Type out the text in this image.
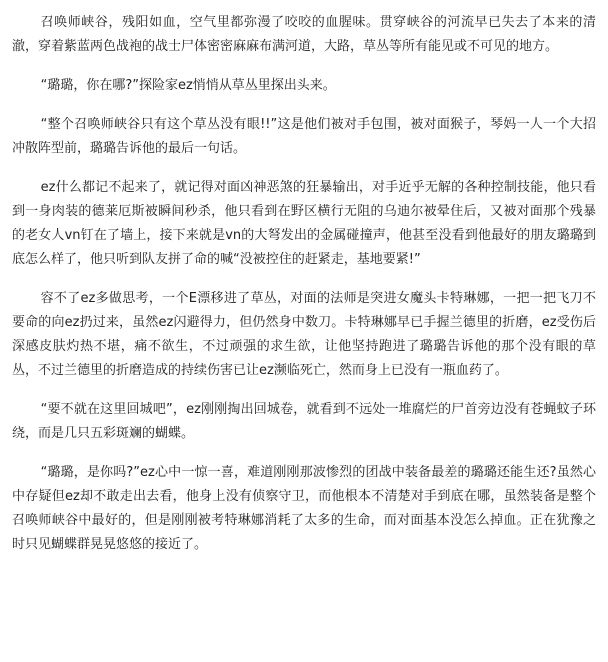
召唤师峡谷，残阳如血，空气里都弥漫了咬咬的血腥味。贯穿峡谷的河流早已失去了本来的清澈，穿着紫蓝两色战袍的战士尸体密密麻麻布满河道，大路，草丛等所有能见或不可见的地方。

“璐璐，你在哪?”探险家ez悄悄从草丛里探出头来。

“整个召唤师峡谷只有这个草丛没有眼!!”这是他们被对手包围，被对面猴子，琴妈一人一个大招冲散阵型前，璐璐告诉他的最后一句话。

ez什么都记不起来了，就记得对面凶神恶煞的狂暴输出，对手近乎无解的各种控制技能，他只看到一身肉装的德莱厄斯被瞬间秒杀，他只看到在野区横行无阻的乌迪尔被晕住后，又被对面那个残暴的老女人vn钉在了墙上，接下来就是vn的大弩发出的金属碰撞声，他甚至没看到他最好的朋友璐璐到底怎么样了，他只听到队友拼了命的喊“没被控住的赶紧走，基地要紧!”

容不了ez多做思考，一个E漂移进了草丛，对面的法师是突进女魔头卡特琳娜，一把一把飞刀不要命的向ez扔过来，虽然ez闪避得力，但仍然身中数刀。卡特琳娜早已手握兰德里的折磨，ez受伤后深感皮肤灼热不堪，痛不欲生，不过顽强的求生欲，让他坚持跑进了璐璐告诉他的那个没有眼的草丛，不过兰德里的折磨造成的持续伤害已让ez濒临死亡，然而身上已没有一瓶血药了。

“要不就在这里回城吧”，ez刚刚掏出回城卷，就看到不远处一堆腐烂的尸首旁边没有苍蝇蚊子环绕，而是几只五彩斑斓的蝴蝶。

“璐璐，是你吗?”ez心中一惊一喜，难道刚刚那波惨烈的团战中装备最差的璐璐还能生还?虽然心中存疑但ez却不敢走出去看，他身上没有侦察守卫，而他根本不清楚对手到底在哪，虽然装备是整个召唤师峡谷中最好的，但是刚刚被考特琳娜消耗了太多的生命，而对面基本没怎么掉血。正在犹豫之时只见蝴蝶群晃晃悠悠的接近了。
